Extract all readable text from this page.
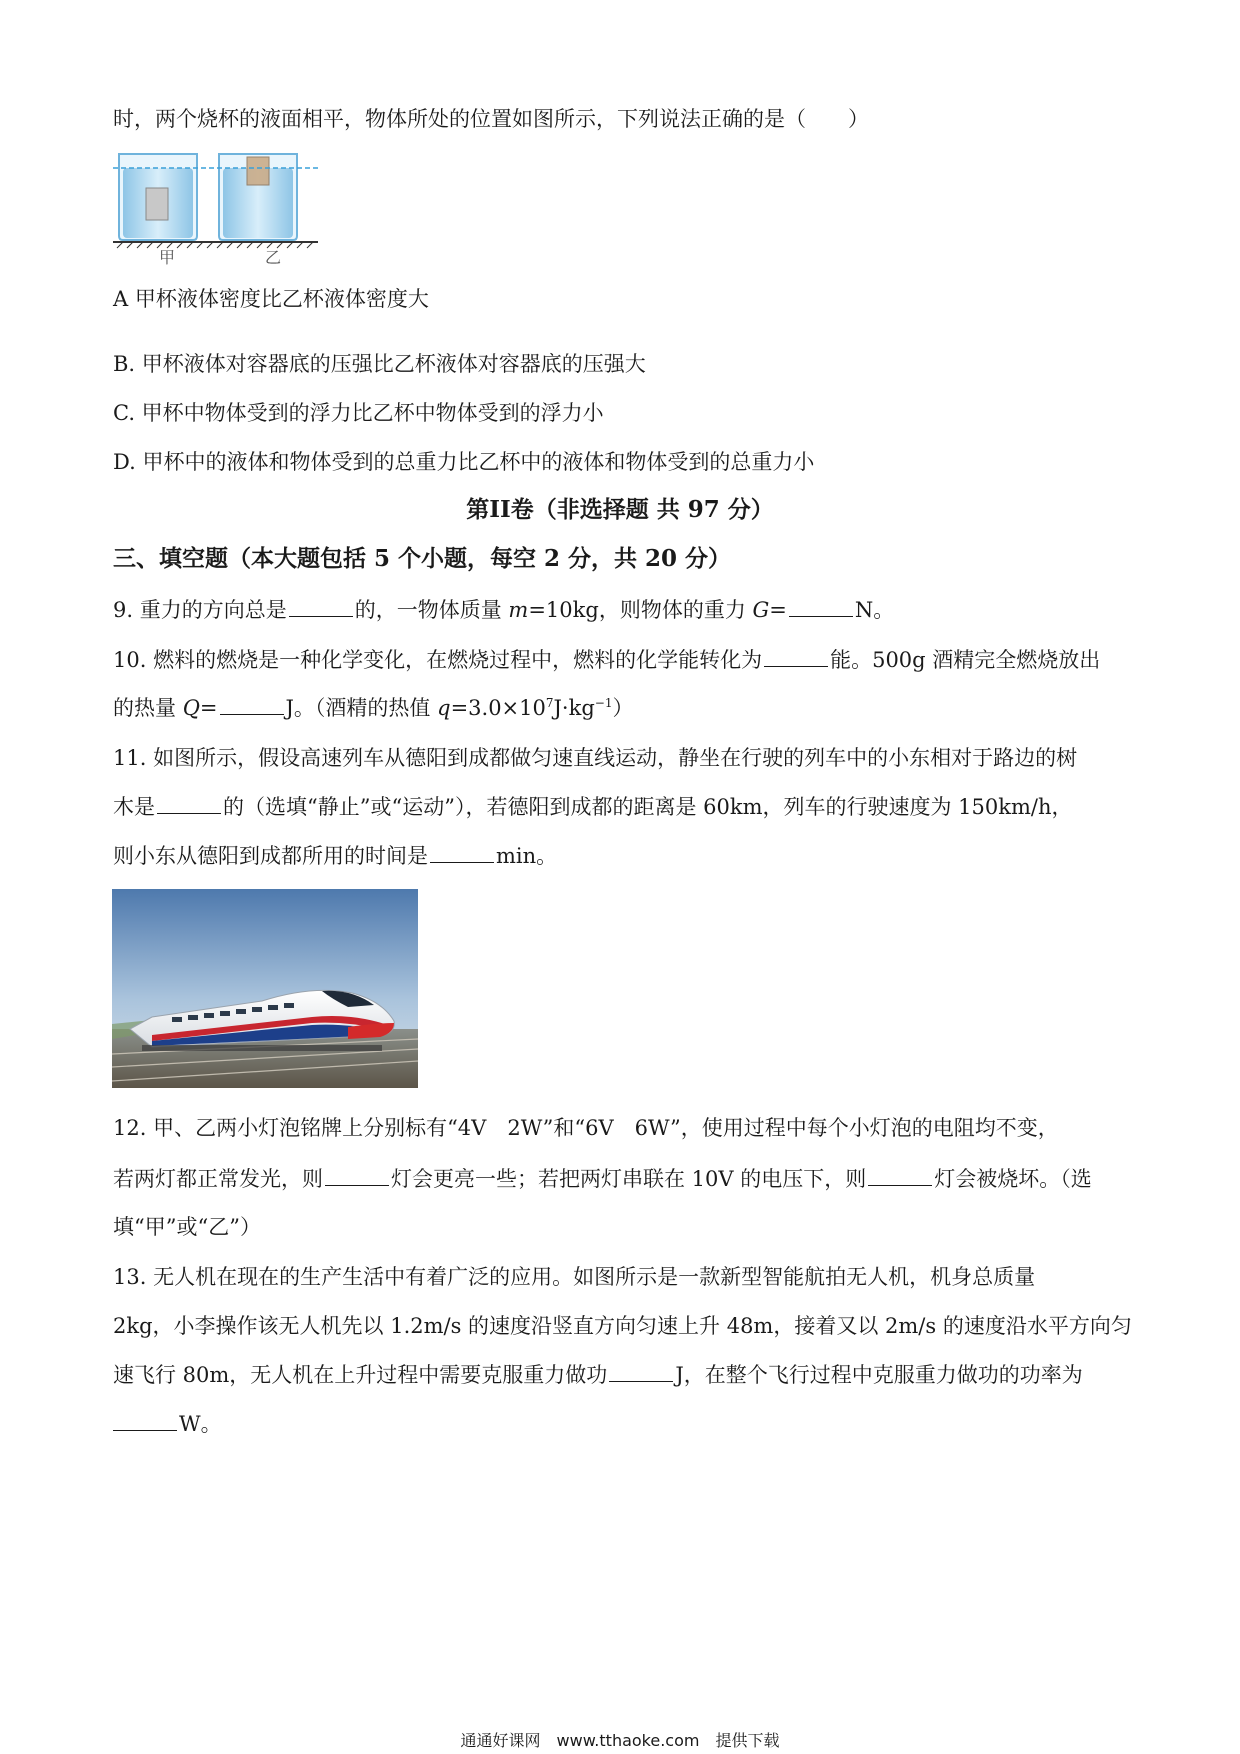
时，两个烧杯的液面相平，物体所处的位置如图所示，下列说法正确的是（　　）
甲	乙
A 甲杯液体密度比乙杯液体密度大
B. 甲杯液体对容器底的压强比乙杯液体对容器底的压强大
C. 甲杯中物体受到的浮力比乙杯中物体受到的浮力小
D. 甲杯中的液体和物体受到的总重力比乙杯中的液体和物体受到的总重力小
第II卷（非选择题 共 97 分）
三、填空题（本大题包括 5 个小题，每空 2 分，共 20 分）
9. 重力的方向总是	的，一物体质量 m=10kg，则物体的重力 G=	N。
10. 燃料的燃烧是一种化学变化，在燃烧过程中，燃料的化学能转化为	能。500g 酒精完全燃烧放出
的热量 Q=	J。（酒精的热值 $q=3.0\times 10^7J\cdot kg^{-1}$）
11. 如图所示，假设高速列车从德阳到成都做匀速直线运动，静坐在行驶的列车中的小东相对于路边的树
木是	的（选填“静止”或“运动”），若德阳到成都的距离是 60km，列车的行驶速度为 150km/h，
则小东从德阳到成都所用的时间是	min。
12. 甲、乙两小灯泡铭牌上分别标有“4V　2W”和“6V　6W”，使用过程中每个小灯泡的电阻均不变，
若两灯都正常发光，则	灯会更亮一些；若把两灯串联在 10V 的电压下，则	灯会被烧坏。（选
填“甲”或“乙”）
13. 无人机在现在的生产生活中有着广泛的应用。如图所示是一款新型智能航拍无人机，机身总质量
2kg，小李操作该无人机先以 1.2m/s 的速度沿竖直方向匀速上升 48m，接着又以 2m/s 的速度沿水平方向匀
速飞行 80m，无人机在上升过程中需要克服重力做功	J，在整个飞行过程中克服重力做功的功率为
W。
通通好课网　www.tthaoke.com　提供下载
